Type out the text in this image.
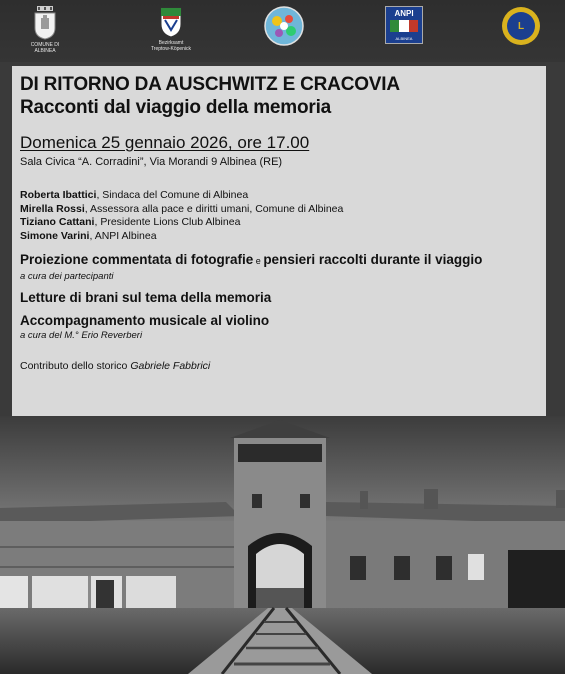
COMUNE DI ALBINEA
Bezirksamt
Treptow-Köpenick
ANPI
ALBINEA
L
DI RITORNO DA AUSCHWITZ E CRACOVIA
Racconti dal viaggio della memoria
Domenica 25 gennaio 2026, ore 17.00
Sala Civica “A. Corradini”, Via Morandi 9 Albinea (RE)
Roberta Ibattici, Sindaca del Comune di Albinea
Mirella Rossi, Assessora alla pace e diritti umani, Comune di Albinea
Tiziano Cattani, Presidente Lions Club Albinea
Simone Varini, ANPI Albinea
Proiezione commentata di fotografie e pensieri raccolti durante il viaggio
a cura dei partecipanti
Letture di brani sul tema della memoria
Accompagnamento musicale al violino
a cura del M.° Erio Reverberi
Contributo dello storico Gabriele Fabbrici
